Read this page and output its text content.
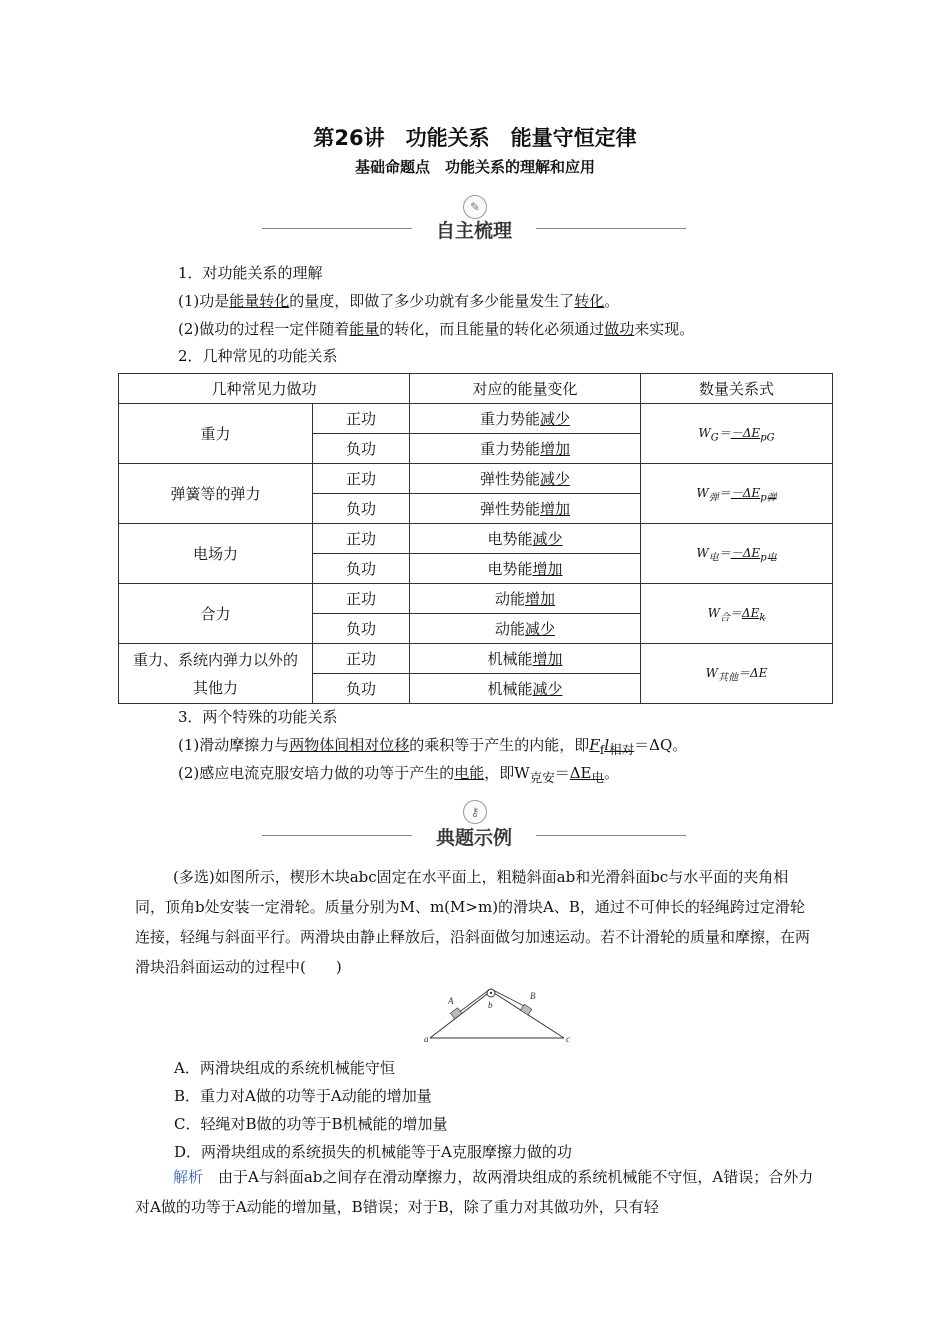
第26讲　功能关系　能量守恒定律
基础命题点　功能关系的理解和应用
✎
自主梳理
1．对功能关系的理解
(1)功是能量转化的量度，即做了多少功就有多少能量发生了转化。
(2)做功的过程一定伴随着能量的转化，而且能量的转化必须通过做功来实现。
2．几种常见的功能关系
几种常见力做功		对应的能量变化	数量关系式
重力	正功	重力势能减少	$W_G=-\Delta E_{pG}$
	负功	重力势能增加	
弹簧等的弹力	正功	弹性势能减少	$W_弹=-\Delta E_{p弹}$
	负功	弹性势能增加	
电场力	正功	电势能减少	$W_电=-\Delta E_{p电}$
	负功	电势能增加	
合力	正功	动能增加	$W_合=\Delta E_k$
	负功	动能减少	
重力、系统内弹力以外的其他力	正功	机械能增加	$W_{其他}=\Delta E$
	负功	机械能减少	
3．两个特殊的功能关系
(1)滑动摩擦力与两物体间相对位移的乘积等于产生的内能，即$F_fl_{相对}=\Delta Q$。
(2)感应电流克服安培力做的功等于产生的电能，即$W_{克安}=\Delta E_电$。
⚷
典题示例
(多选)如图所示，楔形木块abc固定在水平面上，粗糙斜面ab和光滑斜面bc与水平面的夹角相同，顶角b处安装一定滑轮。质量分别为M、m(M>m)的滑块A、B，通过不可伸长的轻绳跨过定滑轮连接，轻绳与斜面平行。两滑块由静止释放后，沿斜面做匀加速运动。若不计滑轮的质量和摩擦，在两滑块沿斜面运动的过程中(　　)
a
b
c
A	B
A．两滑块组成的系统机械能守恒
B．重力对A做的功等于A动能的增加量
C．轻绳对B做的功等于B机械能的增加量
D．两滑块组成的系统损失的机械能等于A克服摩擦力做的功
解析　 由于A与斜面ab之间存在滑动摩擦力，故两滑块组成的系统机械能不守恒，A错误；合外力对A做的功等于A动能的增加量，B错误；对于B，除了重力对其做功外，只有轻
